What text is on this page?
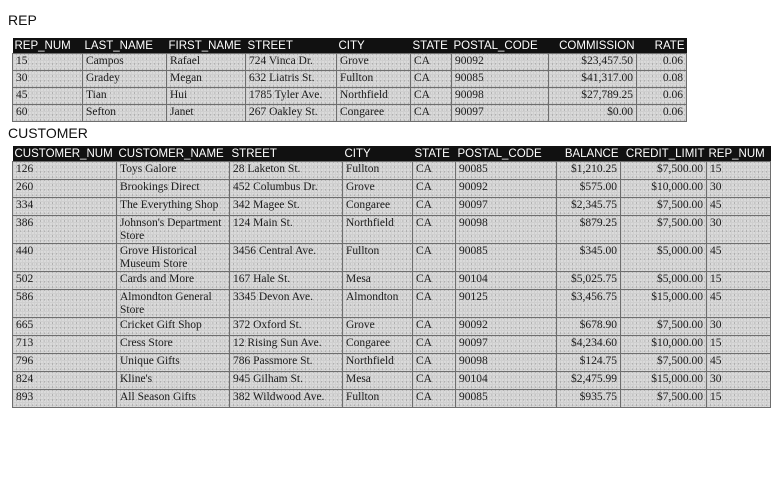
REP
REP_NUM	LAST_NAME	FIRST_NAME	STREET	CITY	STATE	POSTAL_CODE	COMMISSION	RATE
15	Campos	Rafael	724 Vinca Dr.	Grove	CA	90092	$23,457.50	0.06
30	Gradey	Megan	632 Liatris St.	Fullton	CA	90085	$41,317.00	0.08
45	Tian	Hui	1785 Tyler Ave.	Northfield	CA	90098	$27,789.25	0.06
60	Sefton	Janet	267 Oakley St.	Congaree	CA	90097	$0.00	0.06
CUSTOMER
CUSTOMER_NUM	CUSTOMER_NAME	STREET	CITY	STATE	POSTAL_CODE	BALANCE	CREDIT_LIMIT	REP_NUM
126	Toys Galore	28 Laketon St.	Fullton	CA	90085	$1,210.25	$7,500.00	15
260	Brookings Direct	452 Columbus Dr.	Grove	CA	90092	$575.00	$10,000.00	30
334	The Everything Shop	342 Magee St.	Congaree	CA	90097	$2,345.75	$7,500.00	45
386	Johnson's Department Store	124 Main St.	Northfield	CA	90098	$879.25	$7,500.00	30
440	Grove Historical Museum Store	3456 Central Ave.	Fullton	CA	90085	$345.00	$5,000.00	45
502	Cards and More	167 Hale St.	Mesa	CA	90104	$5,025.75	$5,000.00	15
586	Almondton General Store	3345 Devon Ave.	Almondton	CA	90125	$3,456.75	$15,000.00	45
665	Cricket Gift Shop	372 Oxford St.	Grove	CA	90092	$678.90	$7,500.00	30
713	Cress Store	12 Rising Sun Ave.	Congaree	CA	90097	$4,234.60	$10,000.00	15
796	Unique Gifts	786 Passmore St.	Northfield	CA	90098	$124.75	$7,500.00	45
824	Kline's	945 Gilham St.	Mesa	CA	90104	$2,475.99	$15,000.00	30
893	All Season Gifts	382 Wildwood Ave.	Fullton	CA	90085	$935.75	$7,500.00	15
